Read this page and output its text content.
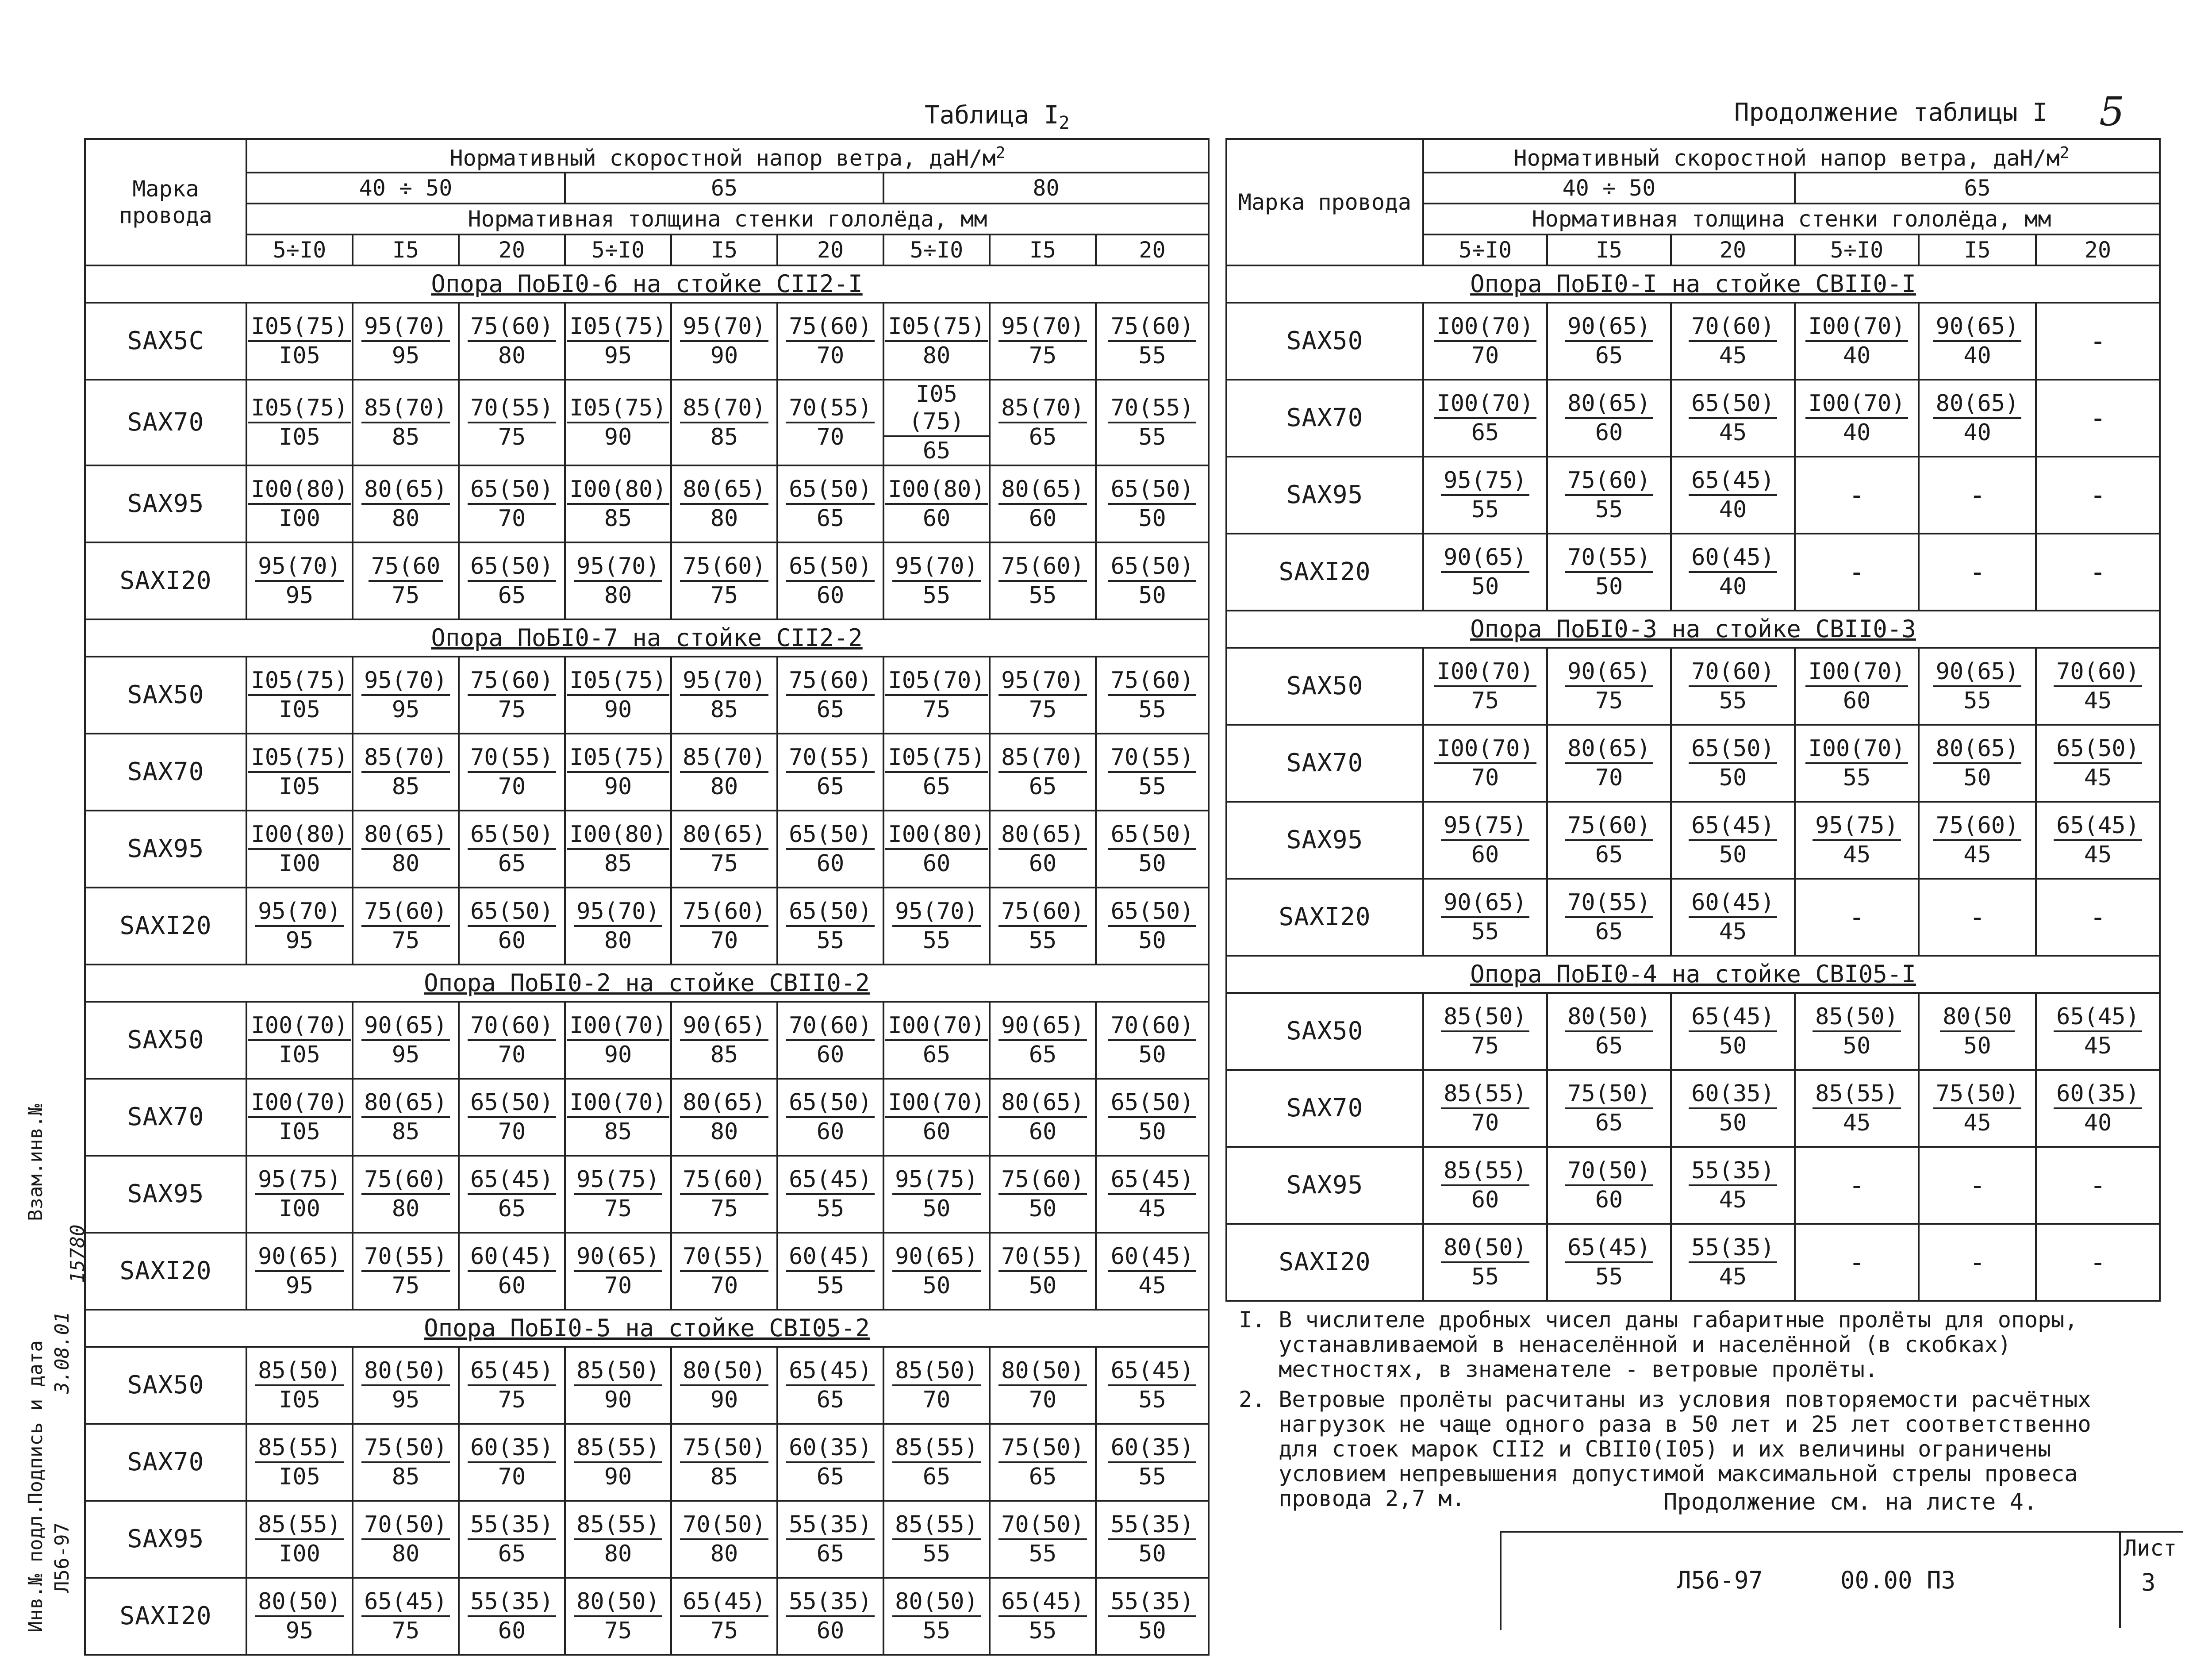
Таблица $I_2$	Продолжение таблицы I 5
Марка провода	Нормативный скоростной напор ветра, даН/$м^2$
	40 ÷ 50			65			80		
	Нормативная толщина стенки гололёда, мм								
	5÷I0	I5	20	5÷I0	I5	20	5÷I0	I5	20
Опора ПоБI0-6 на стойке СII2-I									
SAX5C	$\frac{I05(75)}{I05}$	$\frac{95(70)}{95}$	$\frac{75(60)}{80}$	$\frac{I05(75)}{95}$	$\frac{95(70)}{90}$	$\frac{75(60)}{70}$	$\frac{I05(75)}{80}$	$\frac{95(70)}{75}$	$\frac{75(60)}{55}$

SAX70	$\frac{I05(75)}{I05}$	$\frac{85(70)}{85}$	$\frac{70(55)}{75}$	$\frac{I05(75)}{90}$	$\frac{85(70)}{85}$	$\frac{70(55)}{70}$	$\frac{I05 (75)}{65}$	$\frac{85(70)}{65}$	$\frac{70(55)}{55}$

SAX95	$\frac{I00(80)}{I00}$	$\frac{80(65)}{80}$	$\frac{65(50)}{70}$	$\frac{I00(80)}{85}$	$\frac{80(65)}{80}$	$\frac{65(50)}{65}$	$\frac{I00(80)}{60}$	$\frac{80(65)}{60}$	$\frac{65(50)}{50}$

SAXI20	$\frac{95(70)}{95}$	$\frac{75(60}{75}$	$\frac{65(50)}{65}$	$\frac{95(70)}{80}$	$\frac{75(60)}{75}$	$\frac{65(50)}{60}$	$\frac{95(70)}{55}$	$\frac{75(60)}{55}$	$\frac{65(50)}{50}$

Опора ПоБI0-7 на стойке СII2-2									
SAX50	$\frac{I05(75)}{I05}$	$\frac{95(70)}{95}$	$\frac{75(60)}{75}$	$\frac{I05(75)}{90}$	$\frac{95(70)}{85}$	$\frac{75(60)}{65}$	$\frac{I05(70)}{75}$	$\frac{95(70)}{75}$	$\frac{75(60)}{55}$

SAX70	$\frac{I05(75)}{I05}$	$\frac{85(70)}{85}$	$\frac{70(55)}{70}$	$\frac{I05(75)}{90}$	$\frac{85(70)}{80}$	$\frac{70(55)}{65}$	$\frac{I05(75)}{65}$	$\frac{85(70)}{65}$	$\frac{70(55)}{55}$

SAX95	$\frac{I00(80)}{I00}$	$\frac{80(65)}{80}$	$\frac{65(50)}{65}$	$\frac{I00(80)}{85}$	$\frac{80(65)}{75}$	$\frac{65(50)}{60}$	$\frac{I00(80)}{60}$	$\frac{80(65)}{60}$	$\frac{65(50)}{50}$

SAXI20	$\frac{95(70)}{95}$	$\frac{75(60)}{75}$	$\frac{65(50)}{60}$	$\frac{95(70)}{80}$	$\frac{75(60)}{70}$	$\frac{65(50)}{55}$	$\frac{95(70)}{55}$	$\frac{75(60)}{55}$	$\frac{65(50)}{50}$

Опора ПоБI0-2 на стойке СВII0-2									
SAX50	$\frac{I00(70)}{I05}$	$\frac{90(65)}{95}$	$\frac{70(60)}{70}$	$\frac{I00(70)}{90}$	$\frac{90(65)}{85}$	$\frac{70(60)}{60}$	$\frac{I00(70)}{65}$	$\frac{90(65)}{65}$	$\frac{70(60)}{50}$

SAX70	$\frac{I00(70)}{I05}$	$\frac{80(65)}{85}$	$\frac{65(50)}{70}$	$\frac{I00(70)}{85}$	$\frac{80(65)}{80}$	$\frac{65(50)}{60}$	$\frac{I00(70)}{60}$	$\frac{80(65)}{60}$	$\frac{65(50)}{50}$

SAX95	$\frac{95(75)}{I00}$	$\frac{75(60)}{80}$	$\frac{65(45)}{65}$	$\frac{95(75)}{75}$	$\frac{75(60)}{75}$	$\frac{65(45)}{55}$	$\frac{95(75)}{50}$	$\frac{75(60)}{50}$	$\frac{65(45)}{45}$

SAXI20	$\frac{90(65)}{95}$	$\frac{70(55)}{75}$	$\frac{60(45)}{60}$	$\frac{90(65)}{70}$	$\frac{70(55)}{70}$	$\frac{60(45)}{55}$	$\frac{90(65)}{50}$	$\frac{70(55)}{50}$	$\frac{60(45)}{45}$

Опора ПоБI0-5 на стойке СВI05-2									
SAX50	$\frac{85(50)}{I05}$	$\frac{80(50)}{95}$	$\frac{65(45)}{75}$	$\frac{85(50)}{90}$	$\frac{80(50)}{90}$	$\frac{65(45)}{65}$	$\frac{85(50)}{70}$	$\frac{80(50)}{70}$	$\frac{65(45)}{55}$

SAX70	$\frac{85(55)}{I05}$	$\frac{75(50)}{85}$	$\frac{60(35)}{70}$	$\frac{85(55)}{90}$	$\frac{75(50)}{85}$	$\frac{60(35)}{65}$	$\frac{85(55)}{65}$	$\frac{75(50)}{65}$	$\frac{60(35)}{55}$

SAX95	$\frac{85(55)}{I00}$	$\frac{70(50)}{80}$	$\frac{55(35)}{65}$	$\frac{85(55)}{80}$	$\frac{70(50)}{80}$	$\frac{55(35)}{65}$	$\frac{85(55)}{55}$	$\frac{70(50)}{55}$	$\frac{55(35)}{50}$

SAXI20	$\frac{80(50)}{95}$	$\frac{65(45)}{75}$	$\frac{55(35)}{60}$	$\frac{80(50)}{75}$	$\frac{65(45)}{75}$	$\frac{55(35)}{60}$	$\frac{80(50)}{55}$	$\frac{65(45)}{55}$	$\frac{55(35)}{50}$
Марка провода	Нормативный скоростной напор ветра, даН/$м^2$
	40 ÷ 50			65		
	Нормативная толщина стенки гололёда, мм					
	5÷I0	I5	20	5÷I0	I5	20
Опора ПоБI0-I на стойке СВII0-I						
SAX50	$\frac{I00(70)}{70}$	$\frac{90(65)}{65}$	$\frac{70(60)}{45}$	$\frac{I00(70)}{40}$	$\frac{90(65)}{40}$	-
SAX70	$\frac{I00(70)}{65}$	$\frac{80(65)}{60}$	$\frac{65(50)}{45}$	$\frac{I00(70)}{40}$	$\frac{80(65)}{40}$	-
SAX95	$\frac{95(75)}{55}$	$\frac{75(60)}{55}$	$\frac{65(45)}{40}$	-	-	-
SAXI20	$\frac{90(65)}{50}$	$\frac{70(55)}{50}$	$\frac{60(45)}{40}$	-	-	-
Опора ПоБI0-3 на стойке СВII0-3						
SAX50	$\frac{I00(70)}{75}$	$\frac{90(65)}{75}$	$\frac{70(60)}{55}$	$\frac{I00(70)}{60}$	$\frac{90(65)}{55}$	$\frac{70(60)}{45}$

SAX70	$\frac{I00(70)}{70}$	$\frac{80(65)}{70}$	$\frac{65(50)}{50}$	$\frac{I00(70)}{55}$	$\frac{80(65)}{50}$	$\frac{65(50)}{45}$

SAX95	$\frac{95(75)}{60}$	$\frac{75(60)}{65}$	$\frac{65(45)}{50}$	$\frac{95(75)}{45}$	$\frac{75(60)}{45}$	$\frac{65(45)}{45}$

SAXI20	$\frac{90(65)}{55}$	$\frac{70(55)}{65}$	$\frac{60(45)}{45}$	-	-	-
Опора ПоБI0-4 на стойке СВI05-I						
SAX50	$\frac{85(50)}{75}$	$\frac{80(50)}{65}$	$\frac{65(45)}{50}$	$\frac{85(50)}{50}$	$\frac{80(50}{50}$	$\frac{65(45)}{45}$

SAX70	$\frac{85(55)}{70}$	$\frac{75(50)}{65}$	$\frac{60(35)}{50}$	$\frac{85(55)}{45}$	$\frac{75(50)}{45}$	$\frac{60(35)}{40}$

SAX95	$\frac{85(55)}{60}$	$\frac{70(50)}{60}$	$\frac{55(35)}{45}$	-	-	-
SAXI20	$\frac{80(50)}{55}$	$\frac{65(45)}{55}$	$\frac{55(35)}{45}$	-	-	-
I. В числителе дробных чисел даны габаритные пролёты для опоры,
устанавливаемой в ненаселённой и населённой (в скобках)
местностях, в знаменателе - ветровые пролёты.
2. Ветровые пролёты расчитаны из условия повторяемости расчётных
нагрузок не чаще одного раза в 50 лет и 25 лет соответственно
для стоек марок СII2 и СВII0(I05) и их величины ограничены
условием непревышения допустимой максимальной стрелы провеса
провода 2,7 м.	Продолжение см. на листе 4.
Лист
3
Л56-97	00.00 ПЗ
Инв.№ подл.
Подпись и дата
Взам.инв.№
Л56-97
3.08.01
15780
